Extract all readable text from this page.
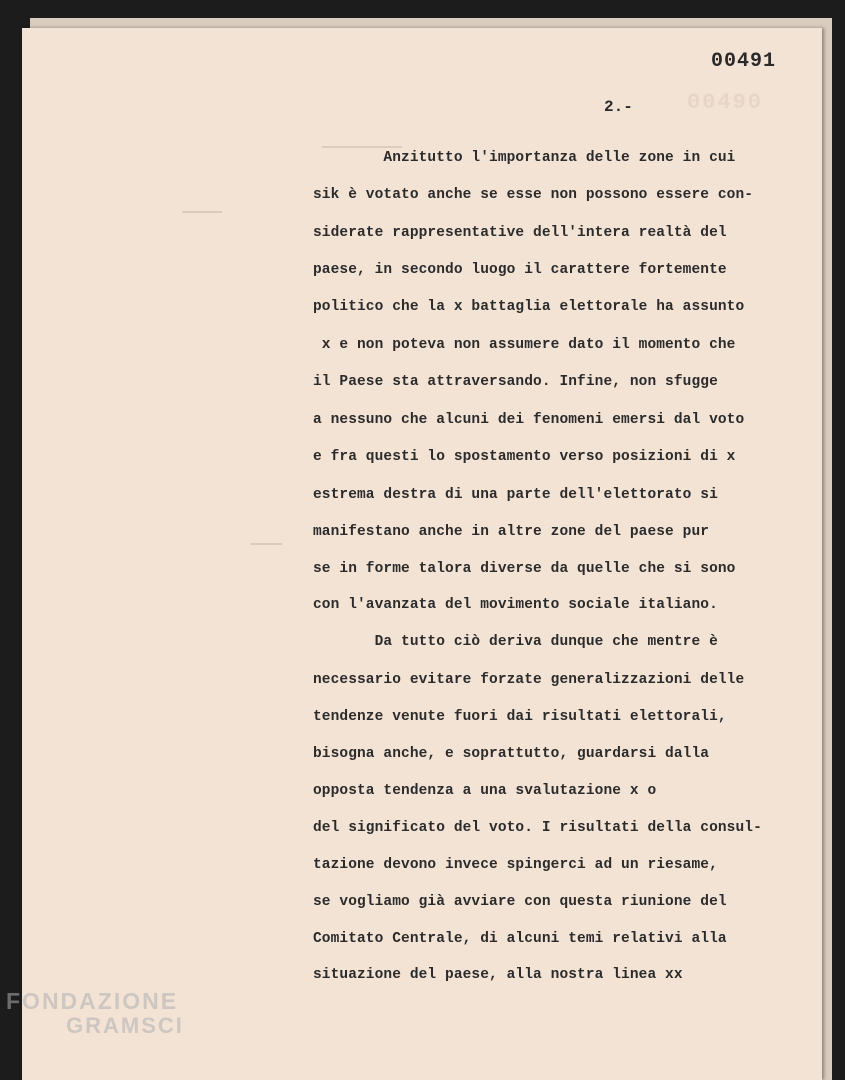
00490
00491
2.-
Anzitutto l'importanza delle zone in cui
sik è votato anche se esse non possono essere con-
siderate rappresentative dell'intera realtà del
paese, in secondo luogo il carattere fortemente
politico che la x battaglia elettorale ha assunto
x e non poteva non assumere dato il momento che
il Paese sta attraversando. Infine, non sfugge
a nessuno che alcuni dei fenomeni emersi dal voto
e fra questi lo spostamento verso posizioni di x
estrema destra di una parte dell'elettorato si
manifestano anche in altre zone del paese pur
se in forme talora diverse da quelle che si sono
con l'avanzata del movimento sociale italiano.
Da tutto ciò deriva dunque che mentre è
necessario evitare forzate generalizzazioni delle
tendenze venute fuori dai risultati elettorali,
bisogna anche, e soprattutto, guardarsi dalla
opposta tendenza a una svalutazione x o
del significato del voto. I risultati della consul-
tazione devono invece spingerci ad un riesame,
se vogliamo già avviare con questa riunione del
Comitato Centrale, di alcuni temi relativi alla
situazione del paese, alla nostra linea xx
FONDAZIONE
GRAMSCI
